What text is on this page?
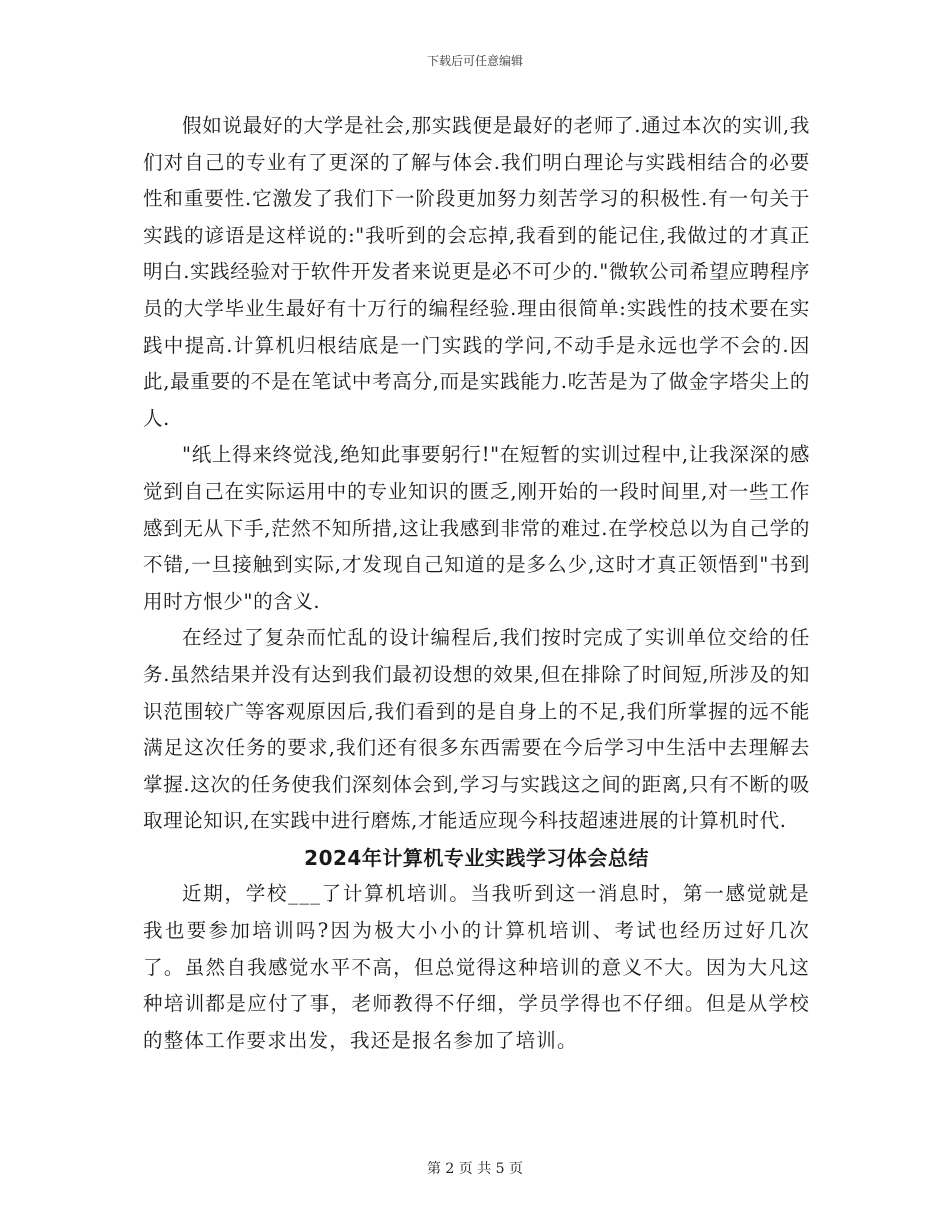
下载后可任意编辑

假如说最好的大学是社会,那实践便是最好的老师了.通过本次的实训,我们对自己的专业有了更深的了解与体会.我们明白理论与实践相结合的必要性和重要性.它激发了我们下一阶段更加努力刻苦学习的积极性.有一句关于实践的谚语是这样说的:"我听到的会忘掉,我看到的能记住,我做过的才真正明白.实践经验对于软件开发者来说更是必不可少的."微软公司希望应聘程序员的大学毕业生最好有十万行的编程经验.理由很简单:实践性的技术要在实践中提高.计算机归根结底是一门实践的学问,不动手是永远也学不会的.因此,最重要的不是在笔试中考高分,而是实践能力.吃苦是为了做金字塔尖上的人.

"纸上得来终觉浅,绝知此事要躬行!"在短暂的实训过程中,让我深深的感觉到自己在实际运用中的专业知识的匮乏,刚开始的一段时间里,对一些工作感到无从下手,茫然不知所措,这让我感到非常的难过.在学校总以为自己学的不错,一旦接触到实际,才发现自己知道的是多么少,这时才真正领悟到"书到用时方恨少"的含义.

在经过了复杂而忙乱的设计编程后,我们按时完成了实训单位交给的任务.虽然结果并没有达到我们最初设想的效果,但在排除了时间短,所涉及的知识范围较广等客观原因后,我们看到的是自身上的不足,我们所掌握的远不能满足这次任务的要求,我们还有很多东西需要在今后学习中生活中去理解去掌握.这次的任务使我们深刻体会到,学习与实践这之间的距离,只有不断的吸取理论知识,在实践中进行磨炼,才能适应现今科技超速进展的计算机时代.

2024年计算机专业实践学习体会总结

近期，学校___了计算机培训。当我听到这一消息时，第一感觉就是我也要参加培训吗?因为极大小小的计算机培训、考试也经历过好几次了。虽然自我感觉水平不高，但总觉得这种培训的意义不大。因为大凡这种培训都是应付了事，老师教得不仔细，学员学得也不仔细。但是从学校的整体工作要求出发，我还是报名参加了培训。

第 2 页 共 5 页
